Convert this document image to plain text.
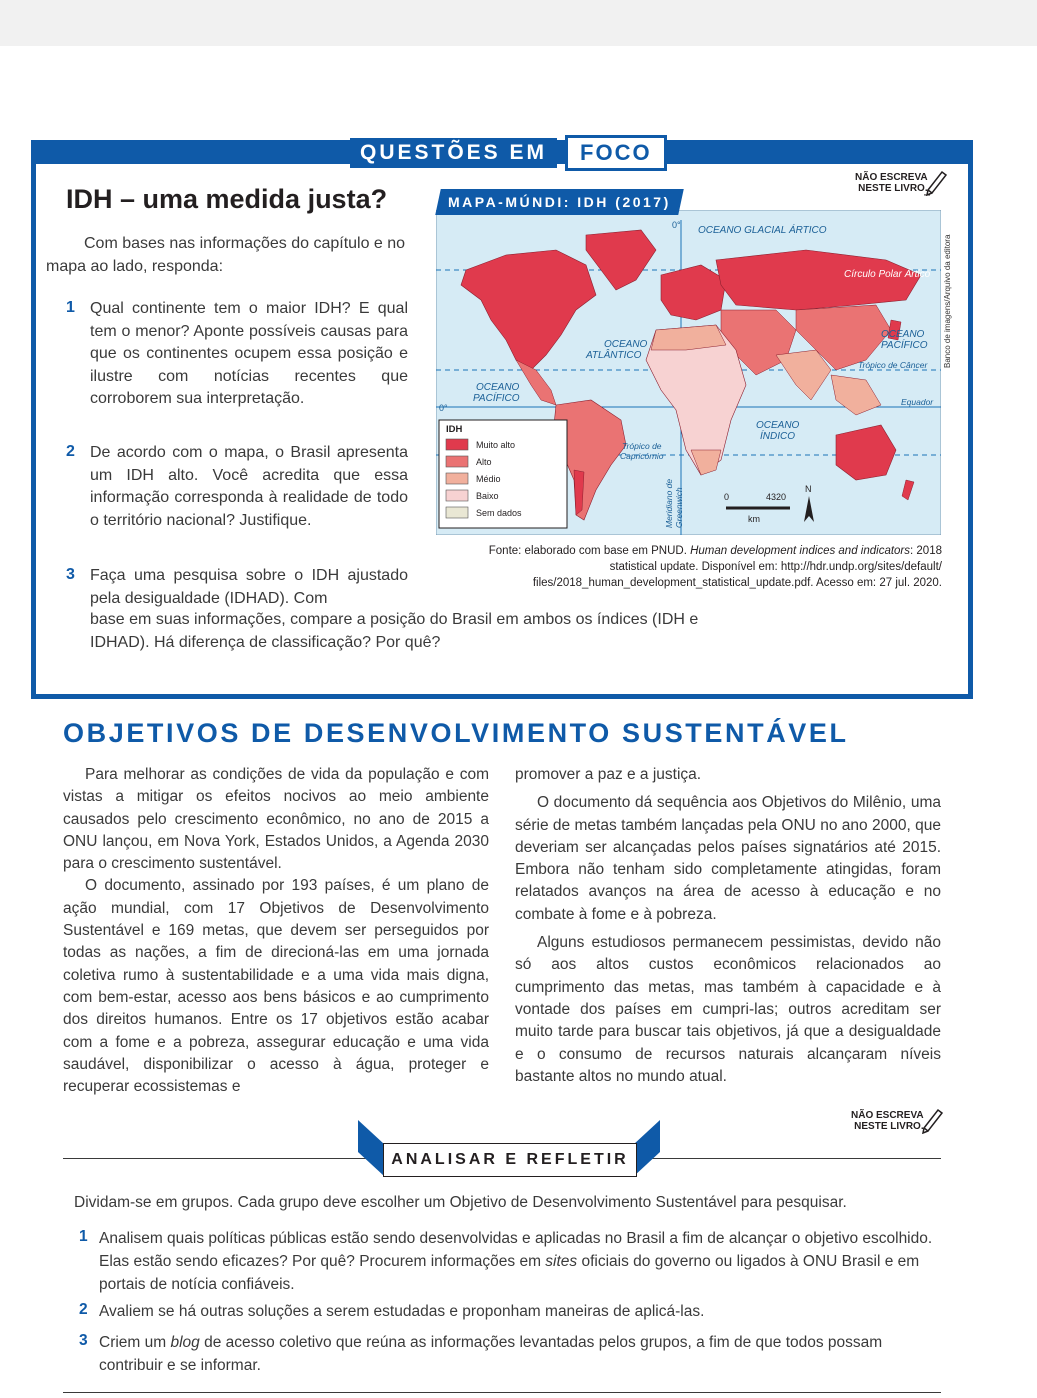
QUESTÕES EM	FOCO
NÃO ESCREVA
NESTE LIVRO.
IDH – uma medida justa?
Com bases nas informações do capítulo e no mapa ao lado, responda:
1 Qual continente tem o maior IDH? E qual tem o menor? Aponte possíveis causas para que os continentes ocupem essa posição e ilustre com notícias recentes que corroborem sua interpretação.
2 De acordo com o mapa, o Brasil apresenta um IDH alto. Você acredita que essa informação corresponda à realidade de todo o território nacional? Justifique.
3 Faça uma pesquisa sobre o IDH ajustado pela desigualdade (IDHAD). Com
base em suas informações, compare a posição do Brasil em ambos os índices (IDH e IDHAD). Há diferença de classificação? Por quê?
MAPA-MÚNDI: IDH (2017)
OCEANO GLACIAL ÁRTICO
Círculo Polar Ártico
OCEANO
ATLÂNTICO
OCEANO
PACÍFICO
OCEANO
PACÍFICO
Trópico de Câncer
Equador
OCEANO
ÍNDICO
Trópico de
Capricórnio
0°
0°
Meridiano de Greenwich	0	4320
km
N
IDH
Muito alto
Alto
Médio
Baixo
Sem dados
Banco de imagens/Arquivo da editora
Fonte: elaborado com base em PNUD. Human development indices and indicators: 2018 statistical update. Disponível em: http://hdr.undp.org/sites/default/ files/2018_human_development_statistical_update.pdf. Acesso em: 27 jul. 2020.
OBJETIVOS DE DESENVOLVIMENTO SUSTENTÁVEL

Para melhorar as condições de vida da população e com vistas a mitigar os efeitos nocivos ao meio ambiente causados pelo crescimento econômico, no ano de 2015 a ONU lançou, em Nova York, Estados Unidos, a Agenda 2030 para o crescimento sustentável.

O documento, assinado por 193 países, é um plano de ação mundial, com 17 Objetivos de Desenvolvimento Sustentável e 169 metas, que devem ser perseguidos por todas as nações, a fim de direcioná-las em uma jornada coletiva rumo à sustentabilidade e a uma vida mais digna, com bem-estar, acesso aos bens básicos e ao cumprimento dos direitos humanos. Entre os 17 objetivos estão acabar com a fome e a pobreza, assegurar educação e uma vida saudável, disponibilizar o acesso à água, proteger e recuperar ecossistemas e

promover a paz e a justiça.

O documento dá sequência aos Objetivos do Milênio, uma série de metas também lançadas pela ONU no ano 2000, que deveriam ser alcançadas pelos países signatários até 2015. Embora não tenham sido completamente atingidas, foram relatados avanços na área de acesso à educação e no combate à fome e à pobreza.

Alguns estudiosos permanecem pessimistas, devido não só aos altos custos econômicos relacionados ao cumprimento das metas, mas também à capacidade e à vontade dos países em cumpri-las; outros acreditam ser muito tarde para buscar tais objetivos, já que a desigualdade e o consumo de recursos naturais alcançaram níveis bastante altos no mundo atual.

NÃO ESCREVA
NESTE LIVRO.
ANALISAR E REFLETIR
Dividam-se em grupos. Cada grupo deve escolher um Objetivo de Desenvolvimento Sustentável para pesquisar.
1 Analisem quais políticas públicas estão sendo desenvolvidas e aplicadas no Brasil a fim de alcançar o objetivo escolhido. Elas estão sendo eficazes? Por quê? Procurem informações em sites oficiais do governo ou ligados à ONU Brasil e em portais de notícia confiáveis.
2 Avaliem se há outras soluções a serem estudadas e proponham maneiras de aplicá-las.
3 Criem um blog de acesso coletivo que reúna as informações levantadas pelos grupos, a fim de que todos possam contribuir e se informar.
